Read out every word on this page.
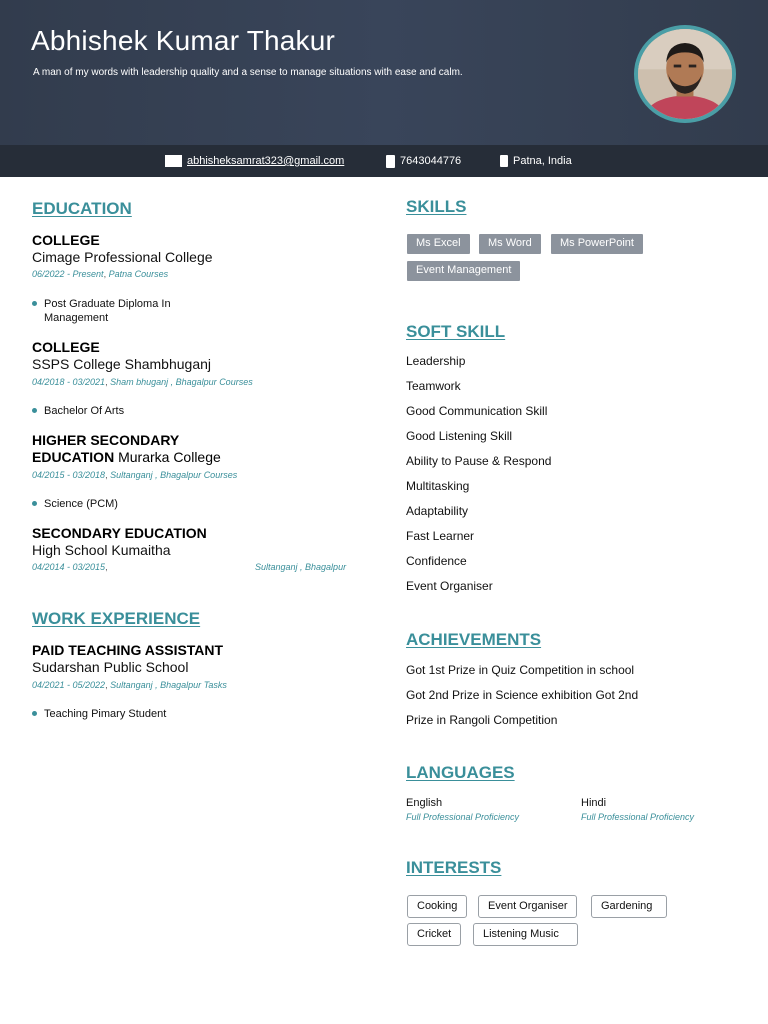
Abhishek Kumar Thakur
A man of my words with leadership quality and a sense to manage situations with ease and calm.
abhisheksamrat323@gmail.com	7643044776	Patna, India
EDUCATION
COLLEGE
Cimage Professional College
06/2022 - Present, Patna Courses
Post Graduate Diploma In Management
COLLEGE
SSPS College Shambhuganj
04/2018 - 03/2021, Sham bhuganj , Bhagalpur Courses
Bachelor Of Arts
HIGHER SECONDARY
EDUCATION Murarka College
04/2015 - 03/2018, Sultanganj , Bhagalpur Courses
Science (PCM)
SECONDARY EDUCATION
High School Kumaitha
04/2014 - 03/2015,	Sultanganj , Bhagalpur
WORK EXPERIENCE
PAID TEACHING ASSISTANT
Sudarshan Public School
04/2021 - 05/2022, Sultanganj , Bhagalpur Tasks
Teaching Pimary Student
SKILLS
Ms Excel	Ms Word	Ms PowerPoint
Event Management
SOFT SKILL
Leadership
Teamwork
Good Communication Skill
Good Listening Skill
Ability to Pause & Respond
Multitasking
Adaptability
Fast Learner
Confidence
Event Organiser
ACHIEVEMENTS
Got 1st Prize in Quiz Competition in school
Got 2nd Prize in Science exhibition Got 2nd
Prize in Rangoli Competition
LANGUAGES
English
Full Professional Proficiency
Hindi
Full Professional Proficiency
INTERESTS
Cooking	Event Organiser	Gardening
Cricket	Listening Music
